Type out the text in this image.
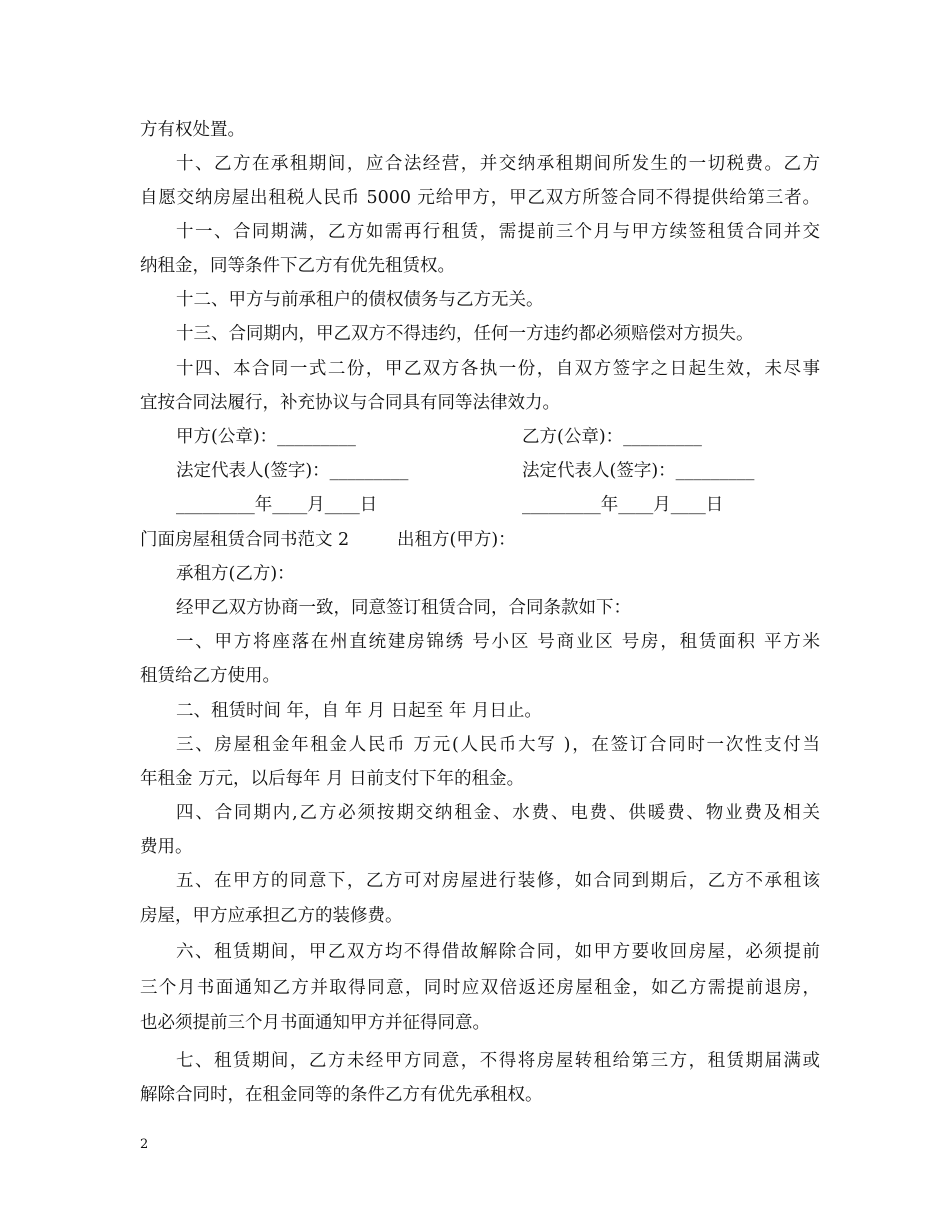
方有权处置。
十、乙方在承租期间，应合法经营，并交纳承租期间所发生的一切税费。乙方
自愿交纳房屋出租税人民币 5000 元给甲方，甲乙双方所签合同不得提供给第三者。
十一、合同期满，乙方如需再行租赁，需提前三个月与甲方续签租赁合同并交
纳租金，同等条件下乙方有优先租赁权。
十二、甲方与前承租户的债权债务与乙方无关。
十三、合同期内，甲乙双方不得违约，任何一方违约都必须赔偿对方损失。
十四、本合同一式二份，甲乙双方各执一份，自双方签字之日起生效，未尽事
宜按合同法履行，补充协议与合同具有同等法律效力。
甲方(公章)：_________	乙方(公章)：_________
法定代表人(签字)：_________	法定代表人(签字)：_________
_________年____月____日	_________年____月____日
门面房屋租赁合同书范文 2	出租方(甲方)：
承租方(乙方)：
经甲乙双方协商一致，同意签订租赁合同，合同条款如下：
一、甲方将座落在州直统建房锦绣 号小区 号商业区 号房，租赁面积 平方米
租赁给乙方使用。
二、租赁时间 年，自 年 月 日起至 年 月日止。
三、房屋租金年租金人民币 万元(人民币大写 )，在签订合同时一次性支付当
年租金 万元，以后每年 月 日前支付下年的租金。
四、合同期内,乙方必须按期交纳租金、水费、电费、供暖费、物业费及相关
费用。
五、在甲方的同意下，乙方可对房屋进行装修，如合同到期后，乙方不承租该
房屋，甲方应承担乙方的装修费。
六、租赁期间，甲乙双方均不得借故解除合同，如甲方要收回房屋，必须提前
三个月书面通知乙方并取得同意，同时应双倍返还房屋租金，如乙方需提前退房，
也必须提前三个月书面通知甲方并征得同意。
七、租赁期间，乙方未经甲方同意，不得将房屋转租给第三方，租赁期届满或
解除合同时，在租金同等的条件乙方有优先承租权。
2
